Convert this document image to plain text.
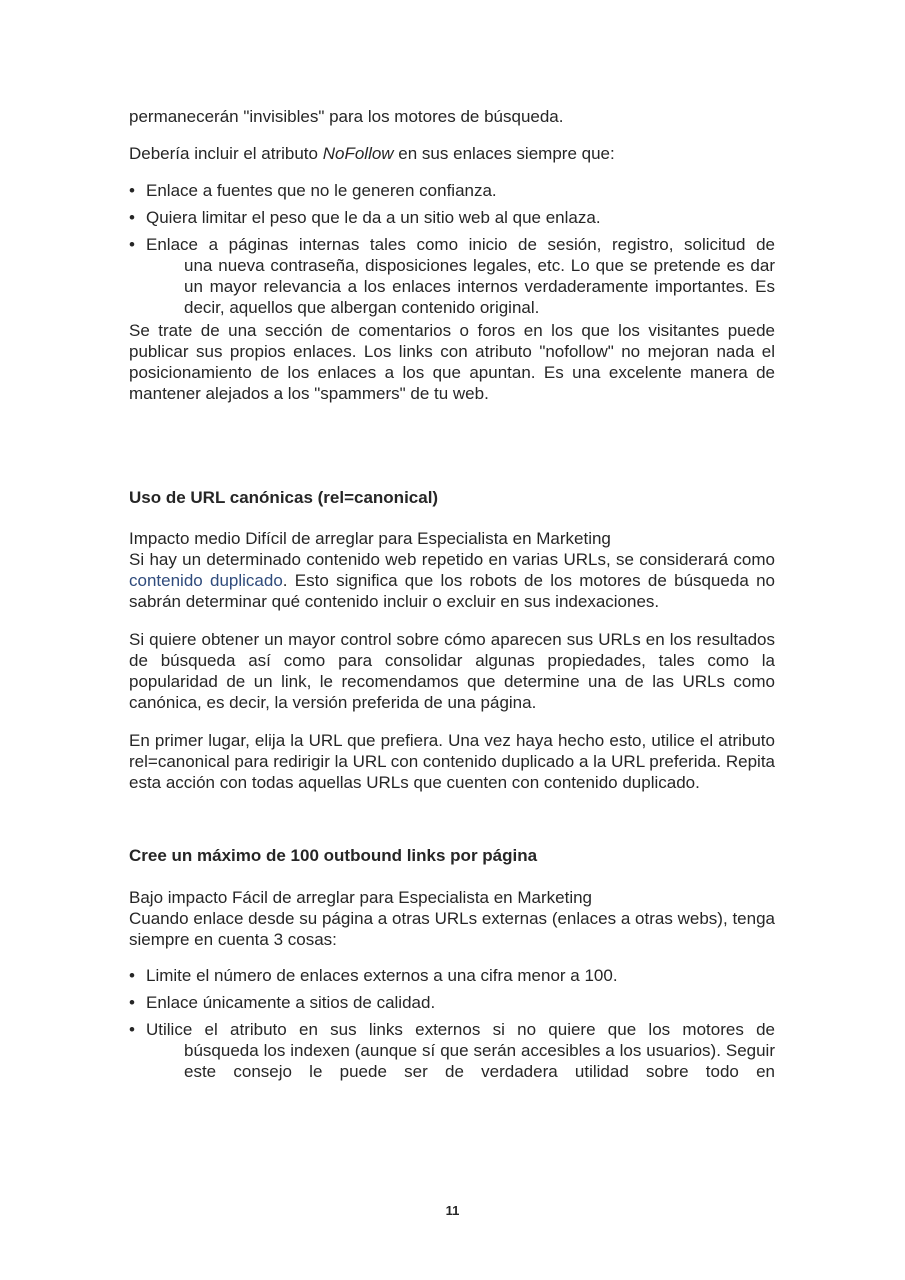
permanecerán "invisibles" para los motores de búsqueda.

Debería incluir el atributo NoFollow en sus enlaces siempre que:

• Enlace a fuentes que no le generen confianza.
• Quiera limitar el peso que le da a un sitio web al que enlaza.
• Enlace a páginas internas tales como inicio de sesión, registro, solicitud de
una nueva contraseña, disposiciones legales, etc. Lo que se pretende es dar un mayor relevancia a los enlaces internos verdaderamente importantes. Es decir, aquellos que albergan contenido original.

Se trate de una sección de comentarios o foros en los que los visitantes puede publicar sus propios enlaces. Los links con atributo "nofollow" no mejoran nada el posicionamiento de los enlaces a los que apuntan. Es una excelente manera de mantener alejados a los "spammers" de tu web.

Uso de URL canónicas (rel=canonical)

Impacto medio Difícil de arreglar para Especialista en Marketing

Si hay un determinado contenido web repetido en varias URLs, se considerará como contenido duplicado. Esto significa que los robots de los motores de búsqueda no sabrán determinar qué contenido incluir o excluir en sus indexaciones.

Si quiere obtener un mayor control sobre cómo aparecen sus URLs en los resultados de búsqueda así como para consolidar algunas propiedades, tales como la popularidad de un link, le recomendamos que determine una de las URLs como canónica, es decir, la versión preferida de una página.

En primer lugar, elija la URL que prefiera. Una vez haya hecho esto, utilice el atributo rel=canonical para redirigir la URL con contenido duplicado a la URL preferida. Repita esta acción con todas aquellas URLs que cuenten con contenido duplicado.

Cree un máximo de 100 outbound links por página

Bajo impacto Fácil de arreglar para Especialista en Marketing

Cuando enlace desde su página a otras URLs externas (enlaces a otras webs), tenga siempre en cuenta 3 cosas:

• Limite el número de enlaces externos a una cifra menor a 100.
• Enlace únicamente a sitios de calidad.
• Utilice el atributo en sus links externos si no quiere que los motores de
búsqueda los indexen (aunque sí que serán accesibles a los usuarios). Seguir este consejo le puede ser de verdadera utilidad sobre todo en
11
